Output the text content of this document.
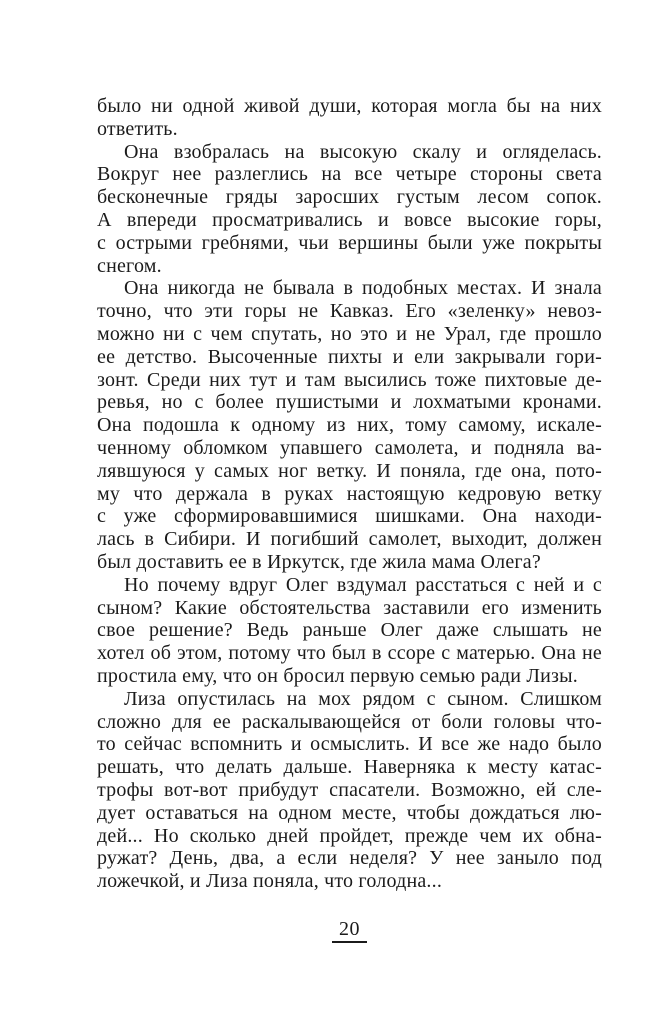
было ни одной живой души, которая могла бы на них
ответить.
Она взобралась на высокую скалу и огляделась.
Вокруг нее разлеглись на все четыре стороны света
бесконечные гряды заросших густым лесом сопок.
А впереди просматривались и вовсе высокие горы,
с острыми гребнями, чьи вершины были уже покрыты
снегом.
Она никогда не бывала в подобных местах. И знала
точно, что эти горы не Кавказ. Его «зеленку» невоз-
можно ни с чем спутать, но это и не Урал, где прошло
ее детство. Высоченные пихты и ели закрывали гори-
зонт. Среди них тут и там высились тоже пихтовые де-
ревья, но с более пушистыми и лохматыми кронами.
Она подошла к одному из них, тому самому, искале-
ченному обломком упавшего самолета, и подняла ва-
лявшуюся у самых ног ветку. И поняла, где она, пото-
му что держала в руках настоящую кедровую ветку
с уже сформировавшимися шишками. Она находи-
лась в Сибири. И погибший самолет, выходит, должен
был доставить ее в Иркутск, где жила мама Олега?
Но почему вдруг Олег вздумал расстаться с ней и с
сыном? Какие обстоятельства заставили его изменить
свое решение? Ведь раньше Олег даже слышать не
хотел об этом, потому что был в ссоре с матерью. Она не
простила ему, что он бросил первую семью ради Лизы.
Лиза опустилась на мох рядом с сыном. Слишком
сложно для ее раскалывающейся от боли головы что-
то сейчас вспомнить и осмыслить. И все же надо было
решать, что делать дальше. Наверняка к месту катас-
трофы вот-вот прибудут спасатели. Возможно, ей сле-
дует оставаться на одном месте, чтобы дождаться лю-
дей... Но сколько дней пройдет, прежде чем их обна-
ружат? День, два, а если неделя? У нее заныло под
ложечкой, и Лиза поняла, что голодна...
20
